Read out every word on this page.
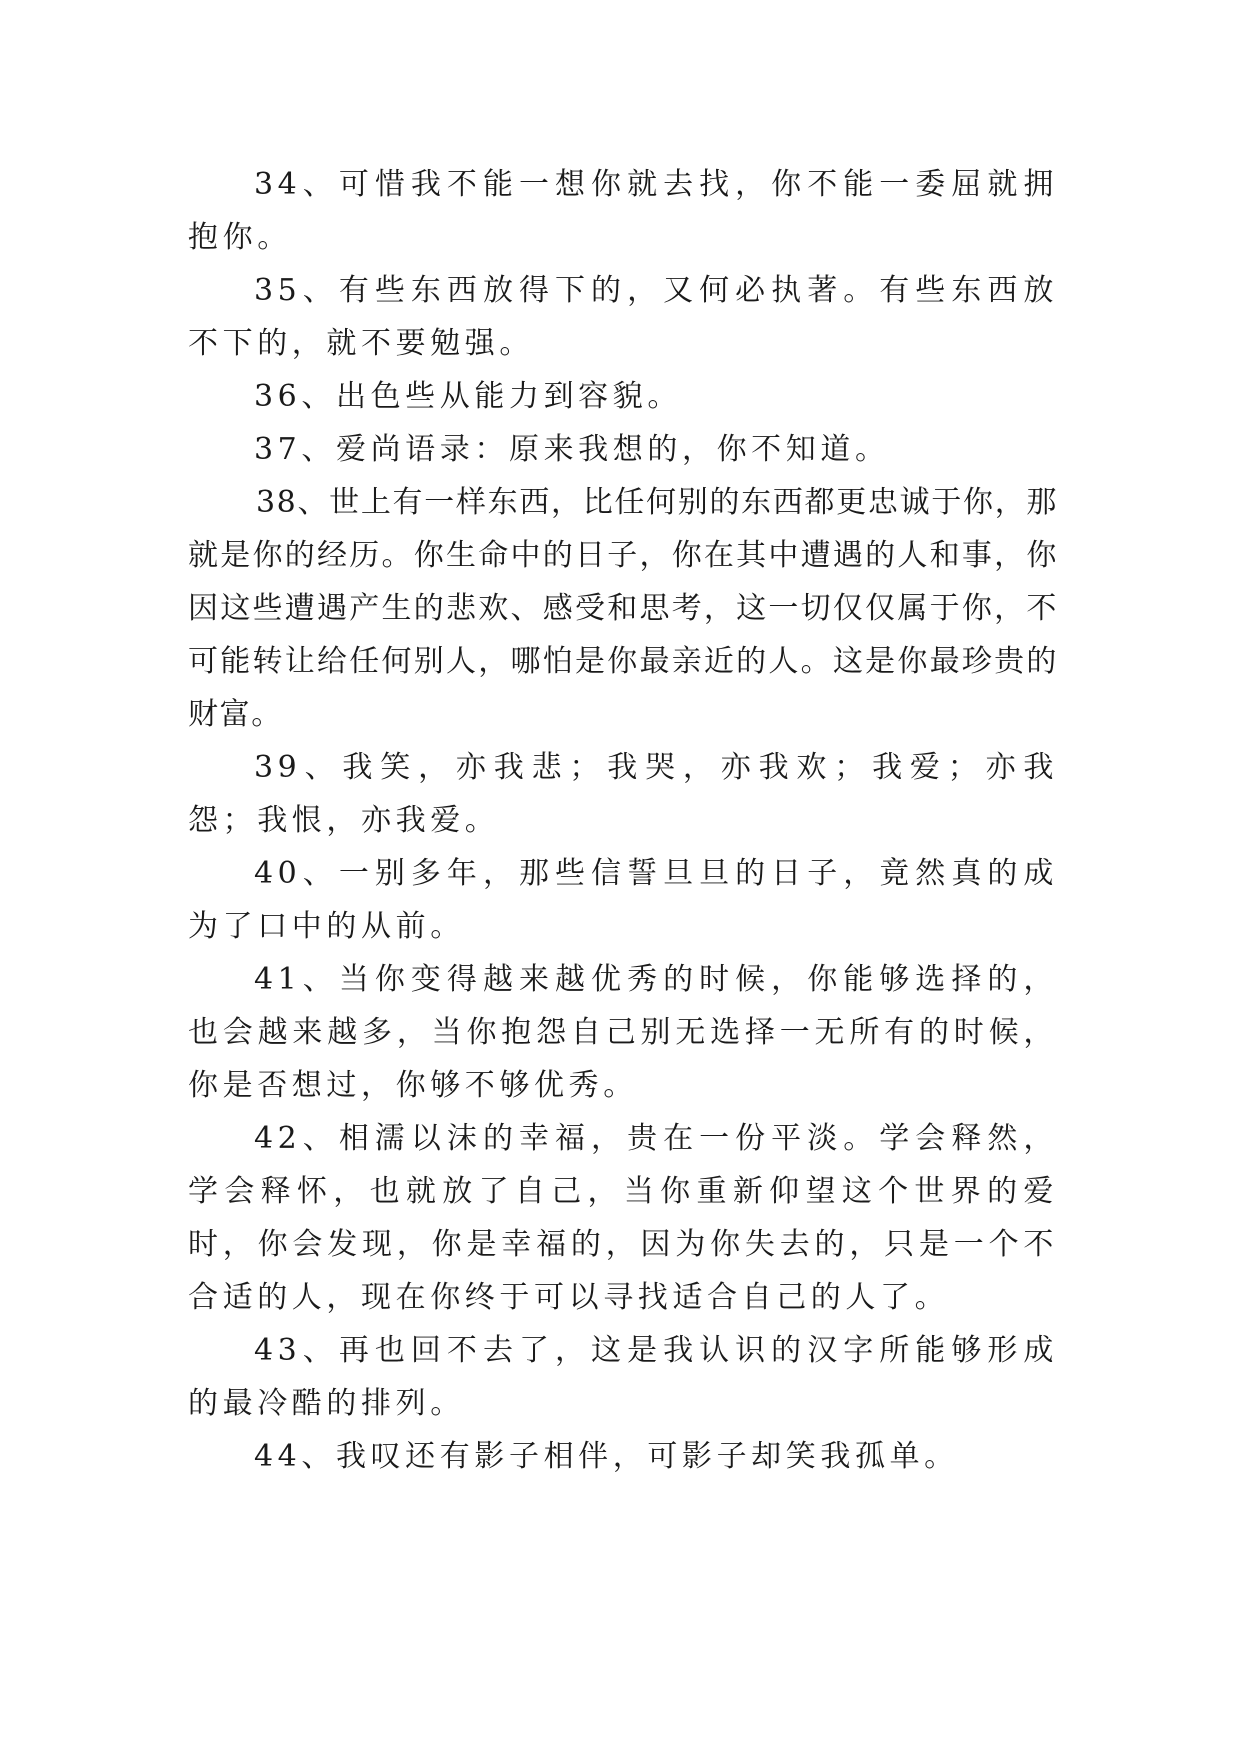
34、可惜我不能一想你就去找，你不能一委屈就拥抱你。

35、有些东西放得下的，又何必执著。有些东西放不下的，就不要勉强。

36、出色些从能力到容貌。

37、爱尚语录：原来我想的，你不知道。

38、世上有一样东西，比任何别的东西都更忠诚于你，那就是你的经历。你生命中的日子，你在其中遭遇的人和事，你因这些遭遇产生的悲欢、感受和思考，这一切仅仅属于你，不可能转让给任何别人，哪怕是你最亲近的人。这是你最珍贵的财富。

39、我笑，亦我悲；我哭，亦我欢；我爱；亦我怨；我恨，亦我爱。

40、一别多年，那些信誓旦旦的日子，竟然真的成为了口中的从前。

41、当你变得越来越优秀的时候，你能够选择的，也会越来越多，当你抱怨自己别无选择一无所有的时候，你是否想过，你够不够优秀。

42、相濡以沫的幸福，贵在一份平淡。学会释然，学会释怀，也就放了自己，当你重新仰望这个世界的爱时，你会发现，你是幸福的，因为你失去的，只是一个不合适的人，现在你终于可以寻找适合自己的人了。

43、再也回不去了，这是我认识的汉字所能够形成的最冷酷的排列。

44、我叹还有影子相伴，可影子却笑我孤单。
